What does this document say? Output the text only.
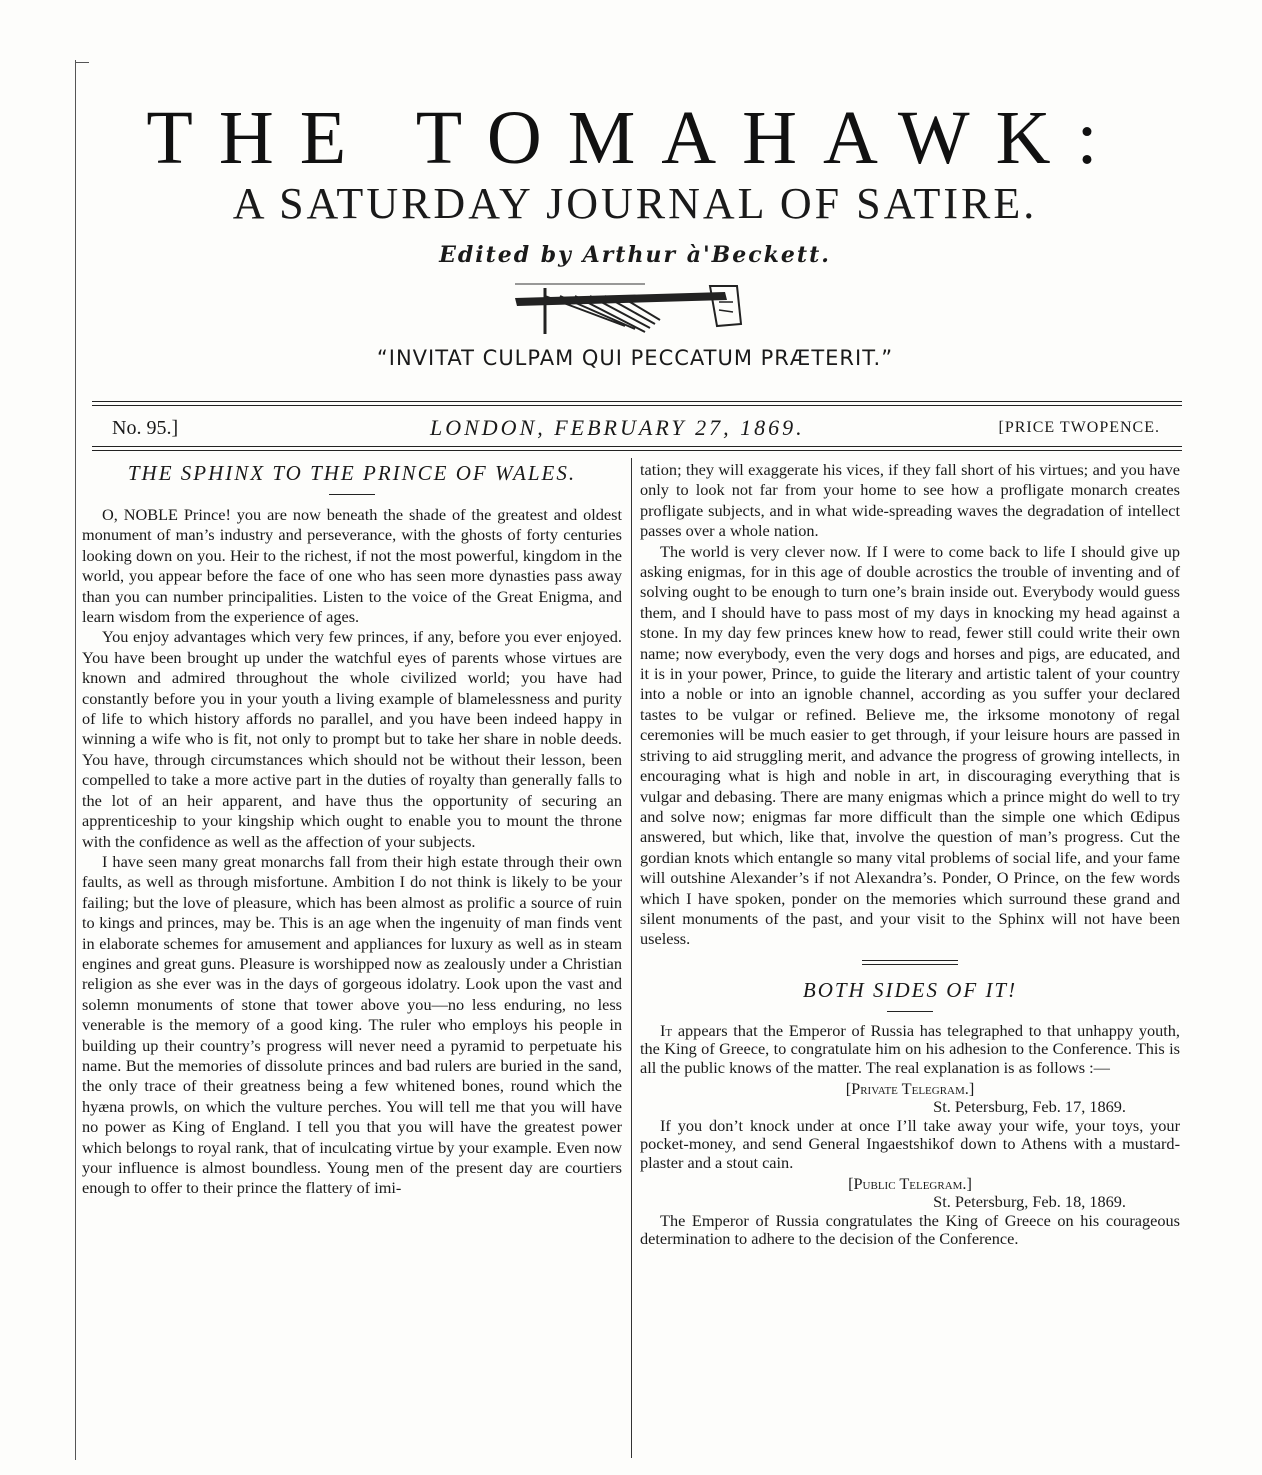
THE TOMAHAWK:
A SATURDAY JOURNAL OF SATIRE.
Edited by Arthur à'Beckett.
“INVITAT CULPAM QUI PECCATUM PRÆTERIT.”
No. 95.]	LONDON, FEBRUARY 27, 1869.	[PRICE TWOPENCE.
THE SPHINX TO THE PRINCE OF WALES.

O, NOBLE Prince! you are now beneath the shade of the greatest and oldest monument of man’s industry and perseverance, with the ghosts of forty centuries looking down on you. Heir to the richest, if not the most powerful, kingdom in the world, you appear before the face of one who has seen more dynasties pass away than you can number principalities. Listen to the voice of the Great Enigma, and learn wisdom from the experience of ages.

You enjoy advantages which very few princes, if any, before you ever enjoyed. You have been brought up under the watchful eyes of parents whose virtues are known and admired throughout the whole civilized world; you have had constantly before you in your youth a living example of blamelessness and purity of life to which history affords no parallel, and you have been indeed happy in winning a wife who is fit, not only to prompt but to take her share in noble deeds. You have, through circumstances which should not be without their lesson, been compelled to take a more active part in the duties of royalty than generally falls to the lot of an heir apparent, and have thus the opportunity of securing an apprenticeship to your kingship which ought to enable you to mount the throne with the confidence as well as the affection of your subjects.

I have seen many great monarchs fall from their high estate through their own faults, as well as through misfortune. Ambition I do not think is likely to be your failing; but the love of pleasure, which has been almost as prolific a source of ruin to kings and princes, may be. This is an age when the ingenuity of man finds vent in elaborate schemes for amusement and appliances for luxury as well as in steam engines and great guns. Pleasure is worshipped now as zealously under a Christian religion as she ever was in the days of gorgeous idolatry. Look upon the vast and solemn monuments of stone that tower above you—no less enduring, no less venerable is the memory of a good king. The ruler who employs his people in building up their country’s progress will never need a pyramid to perpetuate his name. But the memories of dissolute princes and bad rulers are buried in the sand, the only trace of their greatness being a few whitened bones, round which the hyæna prowls, on which the vulture perches. You will tell me that you will have no power as King of England. I tell you that you will have the greatest power which belongs to royal rank, that of inculcating virtue by your example. Even now your influence is almost boundless. Young men of the present day are courtiers enough to offer to their prince the flattery of imi-

tation; they will exaggerate his vices, if they fall short of his virtues; and you have only to look not far from your home to see how a profligate monarch creates profligate subjects, and in what wide-spreading waves the degradation of intellect passes over a whole nation.

The world is very clever now. If I were to come back to life I should give up asking enigmas, for in this age of double acrostics the trouble of inventing and of solving ought to be enough to turn one’s brain inside out. Everybody would guess them, and I should have to pass most of my days in knocking my head against a stone. In my day few princes knew how to read, fewer still could write their own name; now everybody, even the very dogs and horses and pigs, are educated, and it is in your power, Prince, to guide the literary and artistic talent of your country into a noble or into an ignoble channel, according as you suffer your declared tastes to be vulgar or refined. Believe me, the irksome monotony of regal ceremonies will be much easier to get through, if your leisure hours are passed in striving to aid struggling merit, and advance the progress of growing intellects, in encouraging what is high and noble in art, in discouraging everything that is vulgar and debasing. There are many enigmas which a prince might do well to try and solve now; enigmas far more difficult than the simple one which Œdipus answered, but which, like that, involve the question of man’s progress. Cut the gordian knots which entangle so many vital problems of social life, and your fame will outshine Alexander’s if not Alexandra’s. Ponder, O Prince, on the few words which I have spoken, ponder on the memories which surround these grand and silent monuments of the past, and your visit to the Sphinx will not have been useless.

BOTH SIDES OF IT!

It appears that the Emperor of Russia has telegraphed to that unhappy youth, the King of Greece, to congratulate him on his adhesion to the Conference. This is all the public knows of the matter. The real explanation is as follows :—

[Private Telegram.]
St. Petersburg, Feb. 17, 1869.

If you don’t knock under at once I’ll take away your wife, your toys, your pocket-money, and send General Ingaestshikof down to Athens with a mustard-plaster and a stout cain.

[Public Telegram.]
St. Petersburg, Feb. 18, 1869.

The Emperor of Russia congratulates the King of Greece on his courageous determination to adhere to the decision of the Conference.
